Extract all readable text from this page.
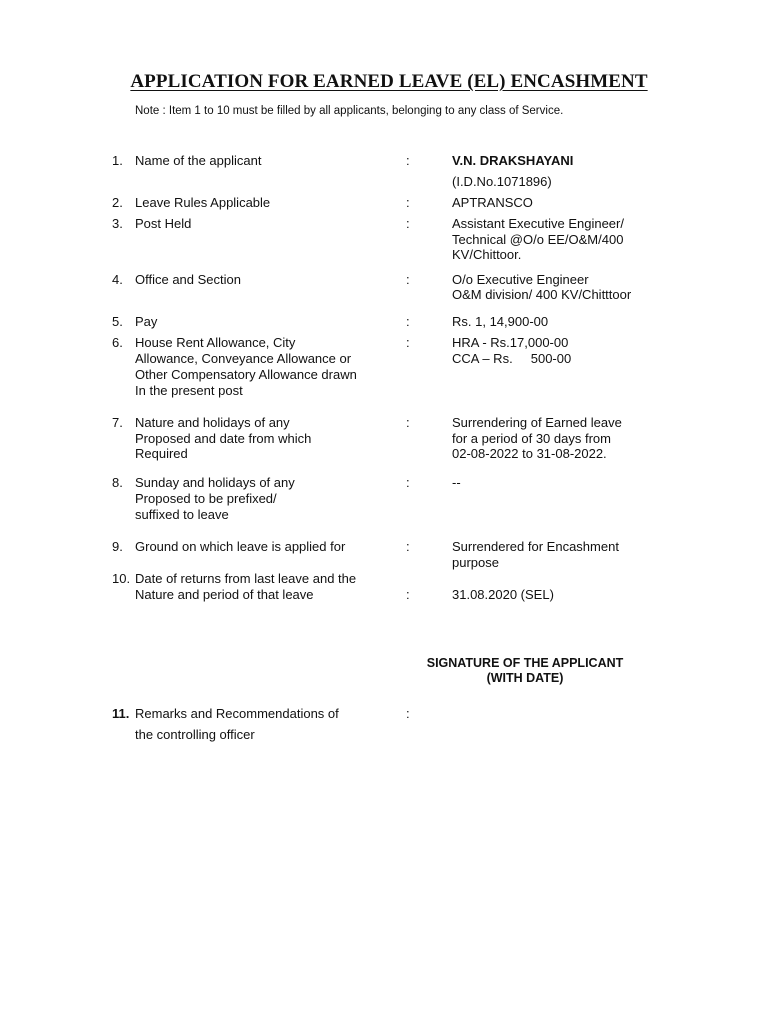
APPLICATION FOR EARNED LEAVE (EL) ENCASHMENT
Note : Item 1 to 10 must be filled by all applicants, belonging to any class of Service.
1. Name of the applicant	:	V.N. DRAKSHAYANI
(I.D.No.1071896)
2. Leave Rules Applicable	:	APTRANSCO
3. Post Held	:	Assistant Executive Engineer/
Technical @O/o EE/O&M/400
KV/Chittoor.
4. Office and Section	:	O/o Executive Engineer
O&M division/ 400 KV/Chitttoor
5. Pay	:	Rs. 1, 14,900-00
6. House Rent Allowance, City
Allowance, Conveyance Allowance or
Other Compensatory Allowance drawn
In the present post
:	HRA - Rs.17,000-00
CCA – Rs.     500-00
7. Nature and holidays of any
Proposed and date from which
Required
:	Surrendering of Earned leave
for a period of 30 days from
02-08-2022 to 31-08-2022.
8. Sunday and holidays of any
Proposed to be prefixed/
suffixed to leave
:	--
9. Ground on which leave is applied for	:	Surrendered for Encashment
purpose
10. Date of returns from last leave and the
Nature and period of that leave	:	31.08.2020 (SEL)
SIGNATURE OF THE APPLICANT
(WITH DATE)
11. Remarks and Recommendations of
the controlling officer
:
